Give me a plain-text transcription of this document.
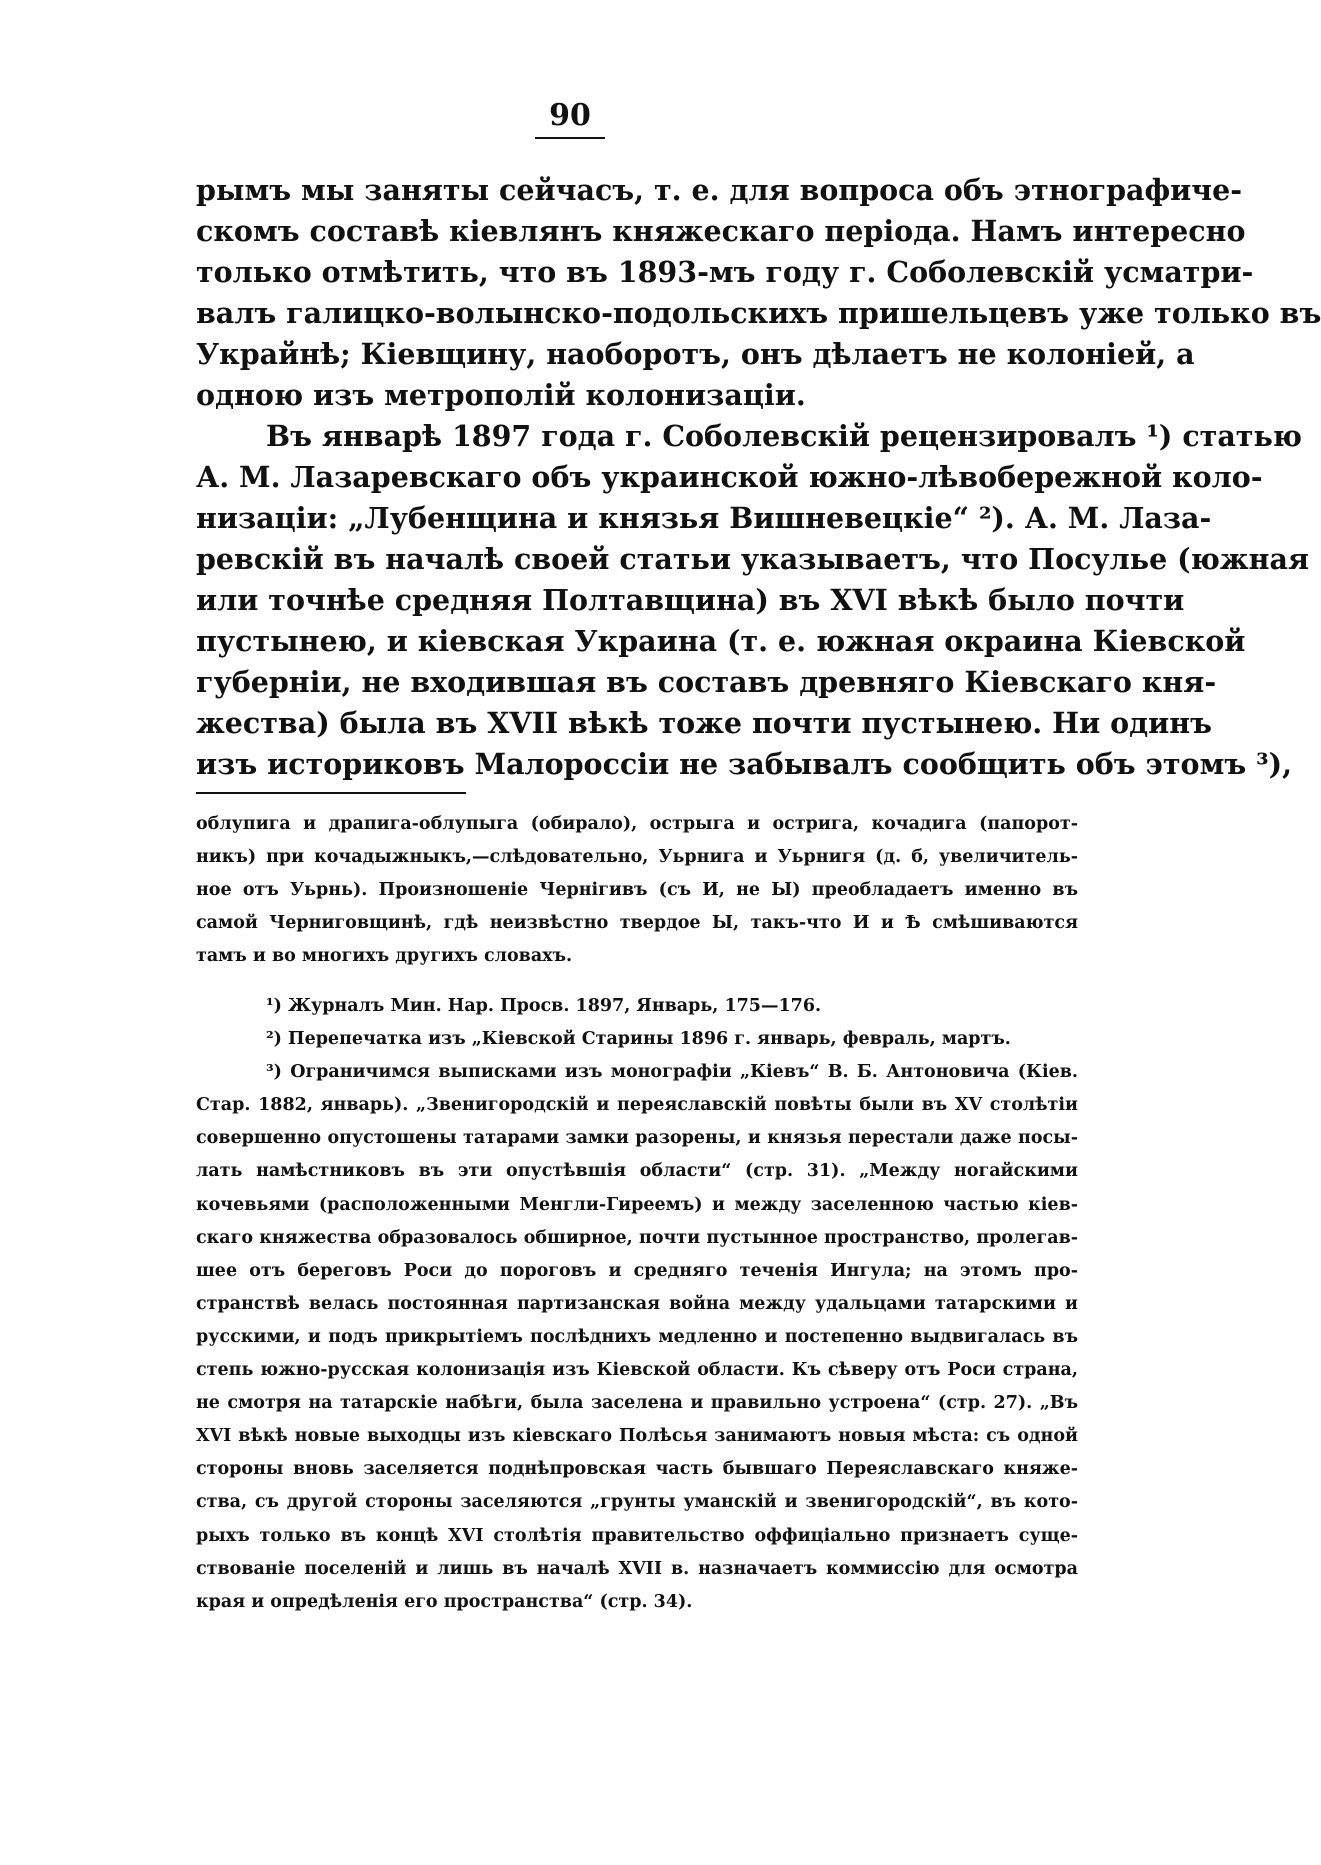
90
рымъ мы заняты сейчасъ, т. е. для вопроса объ этнографиче-
скомъ составѣ кіевлянъ княжескаго періода. Намъ интересно
только отмѣтить, что въ 1893-мъ году г. Соболевскій усматри-
валъ галицко-волынско-подольскихъ пришельцевъ уже только въ
Украйнѣ; Кіевщину, наоборотъ, онъ дѣлаетъ не колоніей, а
одною изъ метрополій колонизаціи.
Въ январѣ 1897 года г. Соболевскій рецензировалъ ¹) статью
А. М. Лазаревскаго объ украинской южно-лѣвобережной коло-
низаціи: „Лубенщина и князья Вишневецкіе“ ²). А. М. Лаза-
ревскій въ началѣ своей статьи указываетъ, что Посулье (южная
или точнѣе средняя Полтавщина) въ XVI вѣкѣ было почти
пустынею, и кіевская Украина (т. е. южная окраина Кіевской
губерніи, не входившая въ составъ древняго Кіевскаго кня-
жества) была въ XVII вѣкѣ тоже почти пустынею. Ни одинъ
изъ историковъ Малороссіи не забывалъ сообщить объ этомъ ³),
облупига и драпига-облупыга (обирало), острыга и острига, кочадига (папорот-
никъ) при кочадыжныкъ,—слѣдовательно, Уьрнига и Уьрнигя (д. б, увеличитель-
ное отъ Уьрнь). Произношеніе Чернігивъ (съ И, не Ы) преобладаетъ именно въ
самой Черниговщинѣ, гдѣ неизвѣстно твердое Ы, такъ-что И и Ѣ смѣшиваются
тамъ и во многихъ другихъ словахъ.
¹) Журналъ Мин. Нар. Просв. 1897, Январь, 175—176.
²) Перепечатка изъ „Кіевской Старины 1896 г. январь, февраль, мартъ.
³) Ограничимся выписками изъ монографіи „Кіевъ“ В. Б. Антоновича (Кіев.
Стар. 1882, январь). „Звенигородскій и переяславскій повѣты были въ XV столѣтіи
совершенно опустошены татарами замки разорены, и князья перестали даже посы-
лать намѣстниковъ въ эти опустѣвшія области“ (стр. 31). „Между ногайскими
кочевьями (расположенными Менгли-Гиреемъ) и между заселенною частью кіев-
скаго княжества образовалось обширное, почти пустынное пространство, пролегав-
шее отъ береговъ Роси до пороговъ и средняго теченія Ингула; на этомъ про-
странствѣ велась постоянная партизанская война между удальцами татарскими и
русскими, и подъ прикрытіемъ послѣднихъ медленно и постепенно выдвигалась въ
степь южно-русская колонизація изъ Кіевской области. Къ сѣверу отъ Роси страна,
не смотря на татарскіе набѣги, была заселена и правильно устроена“ (стр. 27). „Въ
XVI вѣкѣ новые выходцы изъ кіевскаго Полѣсья занимаютъ новыя мѣста: съ одной
стороны вновь заселяется поднѣпровская часть бывшаго Переяславскаго княже-
ства, съ другой стороны заселяются „грунты уманскій и звенигородскій“, въ кото-
рыхъ только въ концѣ XVI столѣтія правительство оффиціально признаетъ суще-
ствованіе поселеній и лишь въ началѣ XVII в. назначаетъ коммиссію для осмотра
края и опредѣленія его пространства“ (стр. 34).
